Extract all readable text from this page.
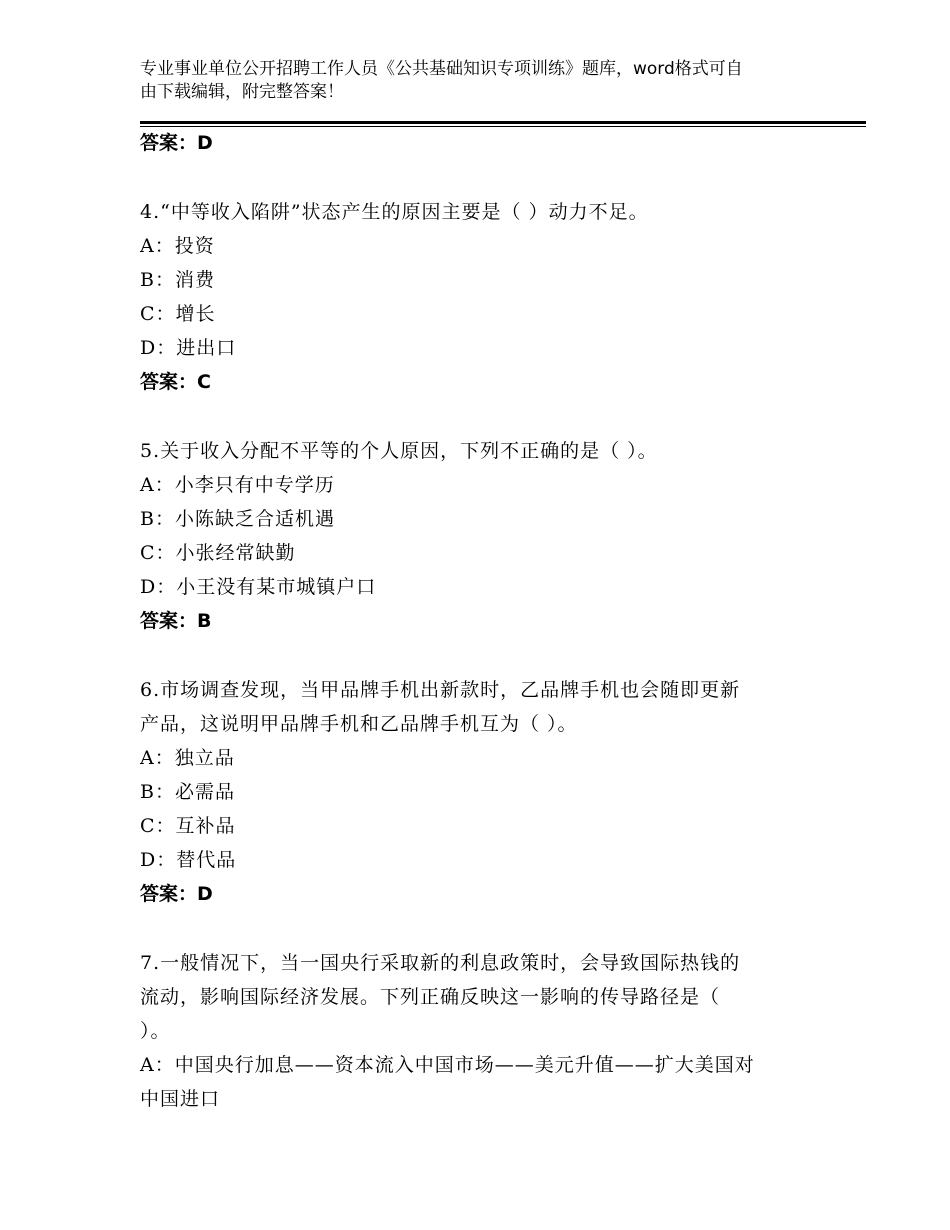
专业事业单位公开招聘工作人员《公共基础知识专项训练》题库，word格式可自
由下载编辑，附完整答案！
答案：D
4.“中等收入陷阱”状态产生的原因主要是（ ）动力不足。
A：投资
B：消费
C：增长
D：进出口
答案：C
5.关于收入分配不平等的个人原因，下列不正确的是（ ）。
A：小李只有中专学历
B：小陈缺乏合适机遇
C：小张经常缺勤
D：小王没有某市城镇户口
答案：B
6.市场调查发现，当甲品牌手机出新款时，乙品牌手机也会随即更新
产品，这说明甲品牌手机和乙品牌手机互为（ ）。
A：独立品
B：必需品
C：互补品
D：替代品
答案：D
7.一般情况下，当一国央行采取新的利息政策时，会导致国际热钱的
流动，影响国际经济发展。下列正确反映这一影响的传导路径是（
）。
A：中国央行加息——资本流入中国市场——美元升值——扩大美国对
中国进口
